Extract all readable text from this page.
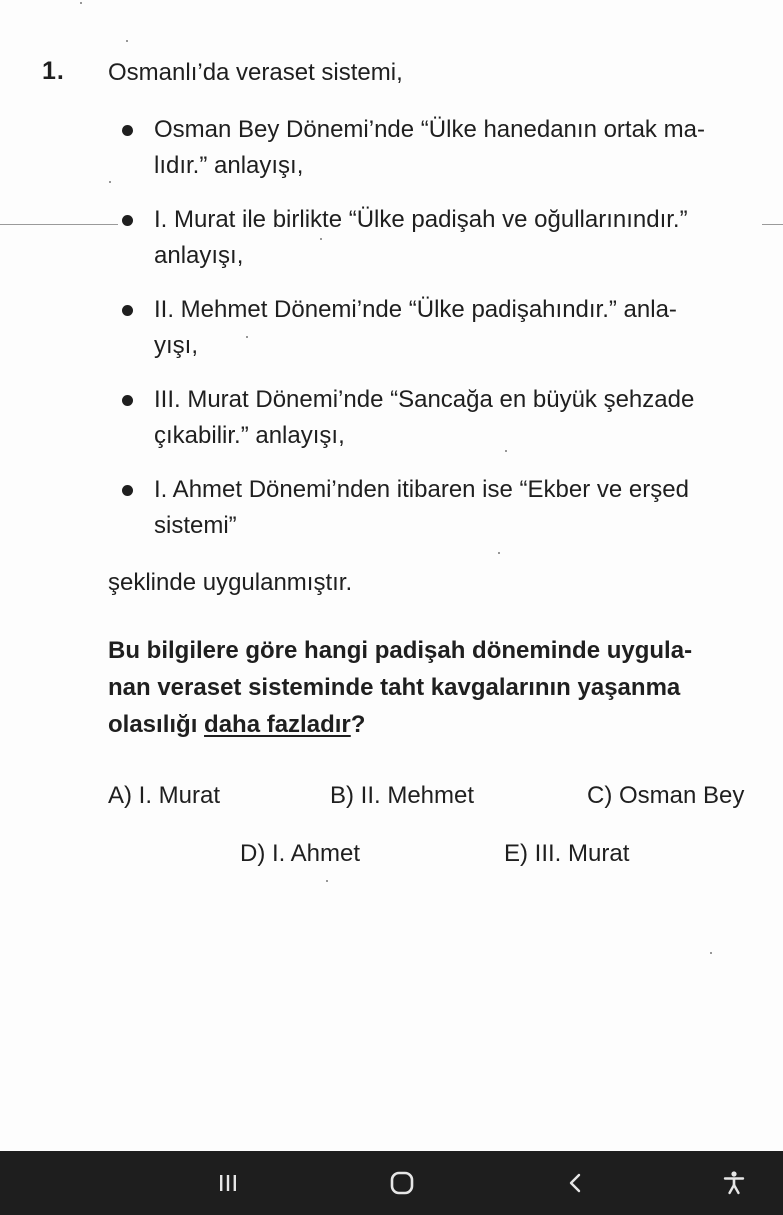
1. Osmanlı’da veraset sistemi,
Osman Bey Dönemi’nde “Ülke hanedanın ortak ma-
lıdır.” anlayışı,
I. Murat ile birlikte “Ülke padişah ve oğullarınındır.”
anlayışı,
II. Mehmet Dönemi’nde “Ülke padişahındır.” anla-
yışı,
III. Murat Dönemi’nde “Sancağa en büyük şehzade
çıkabilir.” anlayışı,
I. Ahmet Dönemi’nden itibaren ise “Ekber ve erşed
sistemi”
şeklinde uygulanmıştır.
Bu bilgilere göre hangi padişah döneminde uygula-
nan veraset sisteminde taht kavgalarının yaşanma
olasılığı daha fazladır?
A) I. Murat	B) II. Mehmet	C) Osman Bey
D) I. Ahmet	E) III. Murat
